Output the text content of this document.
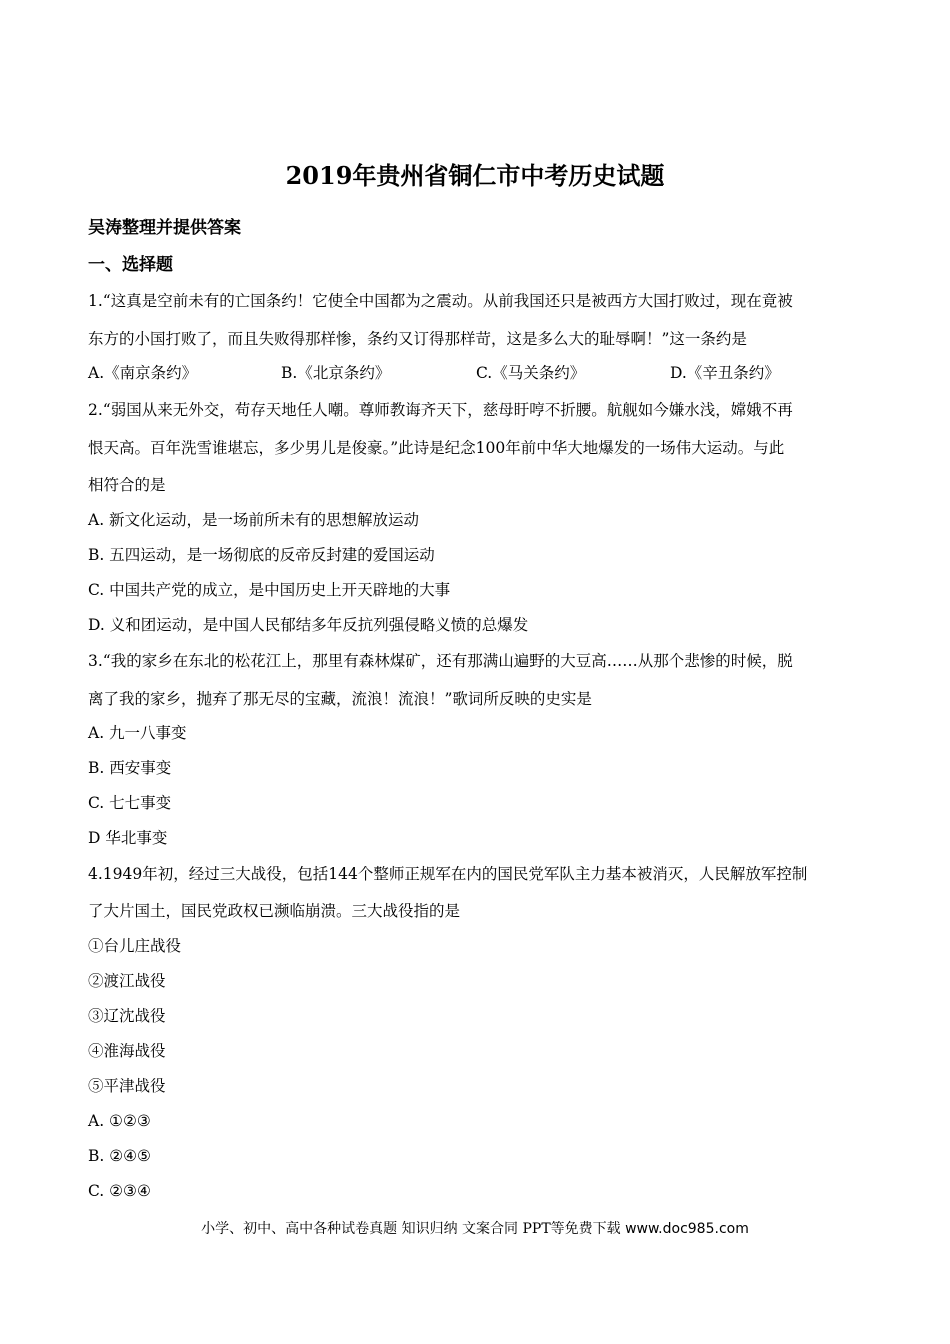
2019年贵州省铜仁市中考历史试题
吴涛整理并提供答案
一、选择题
1.“这真是空前未有的亡国条约！它使全中国都为之震动。从前我国还只是被西方大国打败过，现在竟被
东方的小国打败了，而且失败得那样惨，条约又订得那样苛，这是多么大的耻辱啊！”这一条约是
A.《南京条约》	B.《北京条约》	C.《马关条约》	D.《辛丑条约》
2.“弱国从来无外交，苟存天地任人嘲。尊师教诲齐天下，慈母盱哼不折腰。航舰如今嫌水浅，嫦娥不再
恨天高。百年洗雪谁堪忘，多少男儿是俊豪。”此诗是纪念100年前中华大地爆发的一场伟大运动。与此
相符合的是
A. 新文化运动，是一场前所未有的思想解放运动
B. 五四运动，是一场彻底的反帝反封建的爱国运动
C. 中国共产党的成立，是中国历史上开天辟地的大事
D. 义和团运动，是中国人民郁结多年反抗列强侵略义愤的总爆发
3.“我的家乡在东北的松花江上，那里有森林煤矿，还有那满山遍野的大豆高……从那个悲惨的时候，脱
离了我的家乡，抛弃了那无尽的宝藏，流浪！流浪！”歌词所反映的史实是
A. 九一八事变
B. 西安事变
C. 七七事变
D 华北事变
4.1949年初，经过三大战役，包括144个整师正规军在内的国民党军队主力基本被消灭，人民解放军控制
了大片国土，国民党政权已濒临崩溃。三大战役指的是
①台儿庄战役
②渡江战役
③辽沈战役
④淮海战役
⑤平津战役
A. ①②③
B. ②④⑤
C. ②③④
小学、初中、高中各种试卷真题 知识归纳 文案合同 PPT等免费下载 www.doc985.com
